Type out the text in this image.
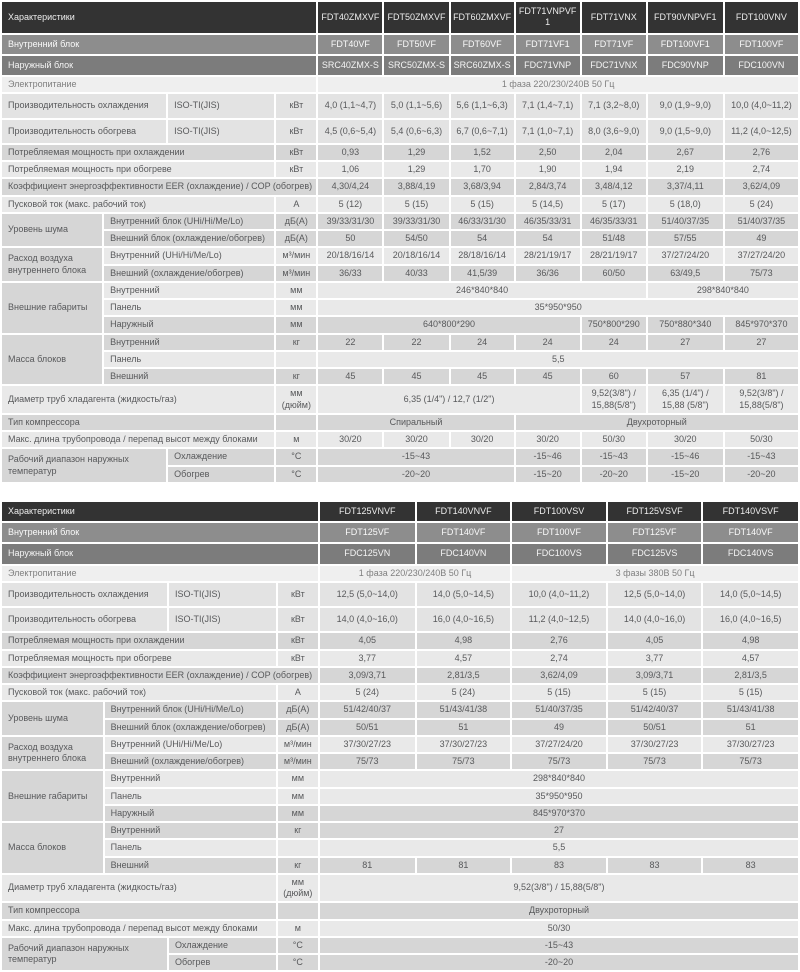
Характеристики				FDT40ZMXVF	FDT50ZMXVF	FDT60ZMXVF	FDT71VNPVF1	FDT71VNX	FDT90VNPVF1	FDT100VNV
Внутренний блок				FDT40VF	FDT50VF	FDT60VF	FDT71VF1	FDT71VF	FDT100VF1	FDT100VF
Наружный блок				SRC40ZMX-S	SRC50ZMX-S	SRC60ZMX-S	FDC71VNP	FDC71VNX	FDC90VNP	FDC100VN
Электропитание				1 фаза 220/230/240В 50 Гц						
Производительность охлаждения		ISO-TI(JIS)	кВт	4,0 (1,1~4,7)	5,0 (1,1~5,6)	5,6 (1,1~6,3)	7,1 (1,4~7,1)	7,1 (3,2~8,0)	9,0 (1,9~9,0)	10,0 (4,0~11,2)
Производительность обогрева		ISO-TI(JIS)	кВт	4,5 (0,6~5,4)	5,4 (0,6~6,3)	6,7 (0,6~7,1)	7,1 (1,0~7,1)	8,0 (3,6~9,0)	9,0 (1,5~9,0)	11,2 (4,0~12,5)
Потребляемая мощность при охлаждении			кВт	0,93	1,29	1,52	2,50	2,04	2,67	2,76
Потребляемая мощность при обогреве			кВт	1,06	1,29	1,70	1,90	1,94	2,19	2,74
Коэффициент энергоэффективности EER (охлаждение) / COP (обогрев)				4,30/4,24	3,88/4,19	3,68/3,94	2,84/3,74	3,48/4,12	3,37/4,11	3,62/4,09
Пусковой ток (макс. рабочий ток)			А	5 (12)	5 (15)	5 (15)	5 (14,5)	5 (17)	5 (18,0)	5 (24)
Уровень шума	Внутренний блок (UHi/Hi/Me/Lo)		дБ(А)	39/33/31/30	39/33/31/30	46/33/31/30	46/35/33/31	46/35/33/31	51/40/37/35	51/40/37/35
	Внешний блок (охлаждение/обогрев)		дБ(А)	50	54/50	54	54	51/48	57/55	49
Расход воздуха внутреннего блока	Внутренний (UHi/Hi/Me/Lo)		м³/мин	20/18/16/14	20/18/16/14	28/18/16/14	28/21/19/17	28/21/19/17	37/27/24/20	37/27/24/20
	Внешний (охлаждение/обогрев)		м³/мин	36/33	40/33	41,5/39	36/36	60/50	63/49,5	75/73
Внешние габариты	Внутренний		мм	246*840*840					298*840*840	
	Панель		мм	35*950*950						
	Наружный		мм	640*800*290				750*800*290	750*880*340	845*970*370
Масса блоков	Внутренний		кг	22	22	24	24	24	27	27
	Панель			5,5						
	Внешний		кг	45	45	45	45	60	57	81
Диаметр труб хладагента (жидкость/газ)			мм (дюйм)	6,35 (1/4") / 12,7 (1/2")				9,52(3/8") / 15,88(5/8")	6,35 (1/4") / 15,88 (5/8")	9,52(3/8") / 15,88(5/8")
Тип компрессора				Спиральный			Двухроторный			
Макс. длина трубопровода / перепад высот между блоками			м	30/20	30/20	30/20	30/20	50/30	30/20	50/30
Рабочий диапазон наружных температур		Охлаждение	°С	-15~43			-15~46	-15~43	-15~46	-15~43
		Обогрев	°С	-20~20			-15~20	-20~20	-15~20	-20~20
Характеристики				FDT125VNVF	FDT140VNVF	FDT100VSV	FDT125VSVF	FDT140VSVF
Внутренний блок				FDT125VF	FDT140VF	FDT100VF	FDT125VF	FDT140VF
Наружный блок				FDC125VN	FDC140VN	FDC100VS	FDC125VS	FDC140VS
Электропитание				1 фаза 220/230/240В 50 Гц		3 фазы 380В 50 Гц		
Производительность охлаждения		ISO-TI(JIS)	кВт	12,5 (5,0~14,0)	14,0 (5,0~14,5)	10,0 (4,0~11,2)	12,5 (5,0~14,0)	14,0 (5,0~14,5)
Производительность обогрева		ISO-TI(JIS)	кВт	14,0 (4,0~16,0)	16,0 (4,0~16,5)	11,2 (4,0~12,5)	14,0 (4,0~16,0)	16,0 (4,0~16,5)
Потребляемая мощность при охлаждении			кВт	4,05	4,98	2,76	4,05	4,98
Потребляемая мощность при обогреве			кВт	3,77	4,57	2,74	3,77	4,57
Коэффициент энергоэффективности EER (охлаждение) / COP (обогрев)				3,09/3,71	2,81/3,5	3,62/4,09	3,09/3,71	2,81/3,5
Пусковой ток (макс. рабочий ток)			А	5 (24)	5 (24)	5 (15)	5 (15)	5 (15)
Уровень шума	Внутренний блок (UHi/Hi/Me/Lo)		дБ(А)	51/42/40/37	51/43/41/38	51/40/37/35	51/42/40/37	51/43/41/38
	Внешний блок (охлаждение/обогрев)		дБ(А)	50/51	51	49	50/51	51
Расход воздуха внутреннего блока	Внутренний (UHi/Hi/Me/Lo)		м³/мин	37/30/27/23	37/30/27/23	37/27/24/20	37/30/27/23	37/30/27/23
	Внешний (охлаждение/обогрев)		м³/мин	75/73	75/73	75/73	75/73	75/73
Внешние габариты	Внутренний		мм	298*840*840				
	Панель		мм	35*950*950				
	Наружный		мм	845*970*370				
Масса блоков	Внутренний		кг	27				
	Панель			5,5				
	Внешний		кг	81	81	83	83	83
Диаметр труб хладагента (жидкость/газ)			мм (дюйм)	9,52(3/8") / 15,88(5/8")				
Тип компрессора				Двухроторный				
Макс. длина трубопровода / перепад высот между блоками			м	50/30				
Рабочий диапазон наружных температур		Охлаждение	°С	-15~43				
		Обогрев	°С	-20~20				
